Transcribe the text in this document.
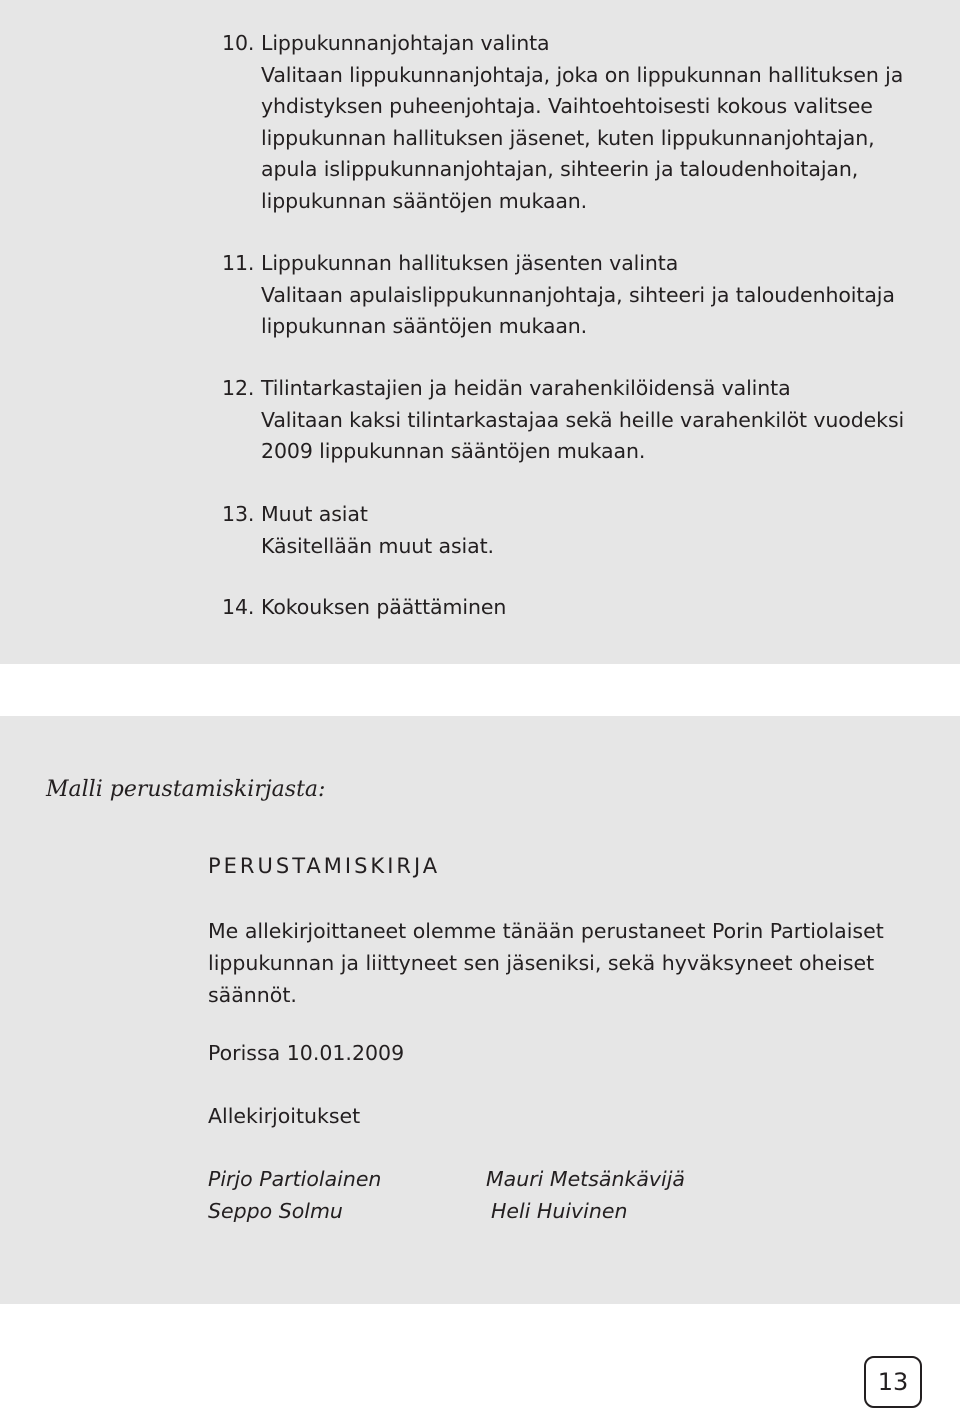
10. Lippukunnanjohtajan valinta
Valitaan lippukunnanjohtaja, joka on lippukunnan hallituksen ja yhdistyksen puheenjohtaja. Vaihtoehtoisesti kokous valitsee lippukunnan hallituksen jäsenet, kuten lippukunnanjohtajan, apula islippukunnanjohtajan, sihteerin ja taloudenhoitajan, lippukunnan sääntöjen mukaan.
11. Lippukunnan hallituksen jäsenten valinta
Valitaan apulaislippukunnanjohtaja, sihteeri ja taloudenhoitaja lippukunnan sääntöjen mukaan.
12. Tilintarkastajien ja heidän varahenkilöidensä valinta
Valitaan kaksi tilintarkastajaa sekä heille varahenkilöt vuodeksi 2009 lippukunnan sääntöjen mukaan.
13. Muut asiat
Käsitellään muut asiat.
14. Kokouksen päättäminen
Malli perustamiskirjasta:
PERUSTAMISKIRJA
Me allekirjoittaneet olemme tänään perustaneet Porin Partiolaiset lippukunnan ja liittyneet sen jäseniksi, sekä hyväksyneet oheiset säännöt.
Porissa 10.01.2009
Allekirjoitukset
Pirjo Partiolainen	Mauri Metsänkävijä
Seppo Solmu	Heli Huivinen
13
